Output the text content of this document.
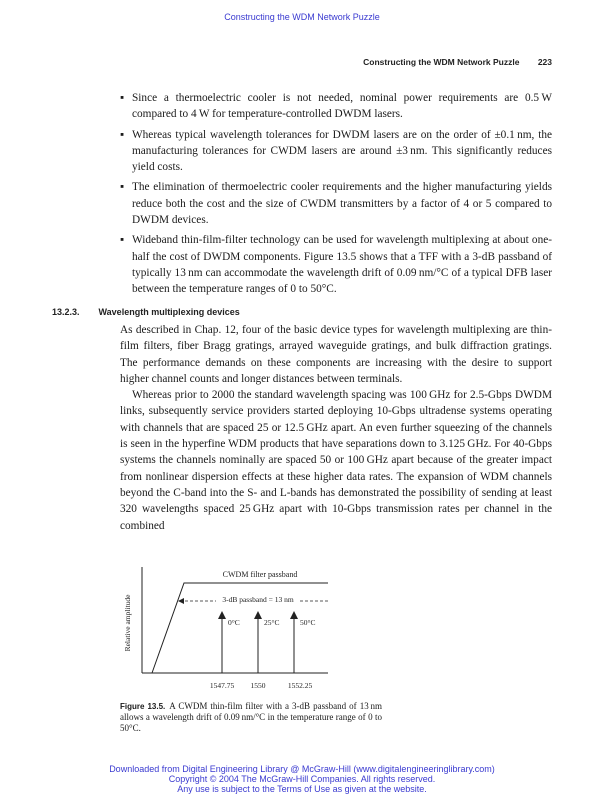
Constructing the WDM Network Puzzle
Constructing the WDM Network Puzzle 223
▪ Since a thermoelectric cooler is not needed, nominal power requirements are 0.5 W compared to 4 W for temperature-controlled DWDM lasers.
▪ Whereas typical wavelength tolerances for DWDM lasers are on the order of ±0.1 nm, the manufacturing tolerances for CWDM lasers are around ±3 nm. This significantly reduces yield costs.
▪ The elimination of thermoelectric cooler requirements and the higher manufacturing yields reduce both the cost and the size of CWDM transmitters by a factor of 4 or 5 compared to DWDM devices.
▪ Wideband thin-film-filter technology can be used for wavelength multiplexing at about one-half the cost of DWDM components. Figure 13.5 shows that a TFF with a 3-dB passband of typically 13 nm can accommodate the wavelength drift of 0.09 nm/°C of a typical DFB laser between the temperature ranges of 0 to 50°C.
13.2.3. Wavelength multiplexing devices

As described in Chap. 12, four of the basic device types for wavelength multiplexing are thin-film filters, fiber Bragg gratings, arrayed waveguide gratings, and bulk diffraction gratings. The performance demands on these components are increasing with the desire to support higher channel counts and longer distances between terminals.

Whereas prior to 2000 the standard wavelength spacing was 100 GHz for 2.5-Gbps DWDM links, subsequently service providers started deploying 10-Gbps ultradense systems operating with channels that are spaced 25 or 12.5 GHz apart. An even further squeezing of the channels is seen in the hyperfine WDM products that have separations down to 3.125 GHz. For 40-Gbps systems the channels nominally are spaced 50 or 100 GHz apart because of the greater impact from nonlinear dispersion effects at these higher data rates. The expansion of WDM channels beyond the C-band into the S- and L-bands has demonstrated the possibility of sending at least 320 wavelengths spaced 25 GHz apart with 10-Gbps transmission rates per channel in the combined

CWDM filter passband
3-dB passband = 13 nm
0°C	25°C	50°C
Relative amplitude
1547.75 1550	1552.25
Figure 13.5. A CWDM thin-film filter with a 3-dB passband of 13 nm allows a wavelength drift of 0.09 nm/°C in the temperature range of 0 to 50°C.
Downloaded from Digital Engineering Library @ McGraw-Hill (www.digitalengineeringlibrary.com)
Copyright © 2004 The McGraw-Hill Companies. All rights reserved.
Any use is subject to the Terms of Use as given at the website.
